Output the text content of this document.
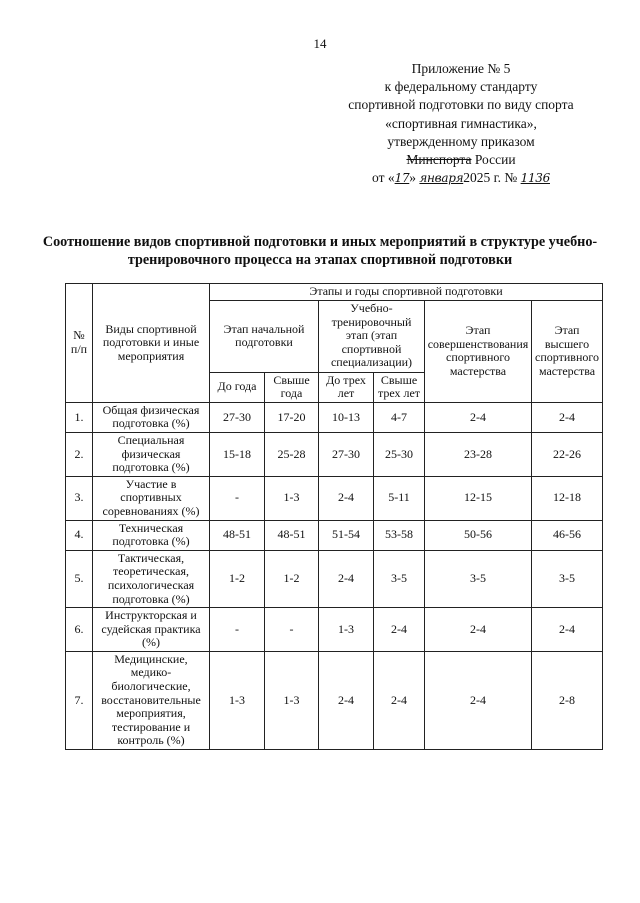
14
Приложение № 5
к федеральному стандарту
спортивной подготовки по виду спорта
«спортивная гимнастика»,
утвержденному приказом
Минспорта России
от «17» января2025 г. № 1136
Соотношение видов спортивной подготовки и иных мероприятий в структуре учебно-тренировочного процесса на этапах спортивной подготовки
№ п/п	Виды спортивной подготовки и иные мероприятия	Этапы и годы спортивной подготовки					
		Этап начальной подготовки		Учебно-тренировочный этап (этап спортивной специализации)		Этап совершенствования спортивного мастерства	Этап высшего спортивного мастерства
		До года	Свыше года	До трех лет	Свыше трех лет		
1.	Общая физическая подготовка (%)	27-30	17-20	10-13	4-7	2-4	2-4
2.	Специальная физическая подготовка (%)	15-18	25-28	27-30	25-30	23-28	22-26
3.	Участие в спортивных соревнованиях (%)	-	1-3	2-4	5-11	12-15	12-18
4.	Техническая подготовка (%)	48-51	48-51	51-54	53-58	50-56	46-56
5.	Тактическая, теоретическая, психологическая подготовка (%)	1-2	1-2	2-4	3-5	3-5	3-5
6.	Инструкторская и судейская практика (%)	-	-	1-3	2-4	2-4	2-4
7.	Медицинские, медико-биологические, восстановительные мероприятия, тестирование и контроль (%)	1-3	1-3	2-4	2-4	2-4	2-8
